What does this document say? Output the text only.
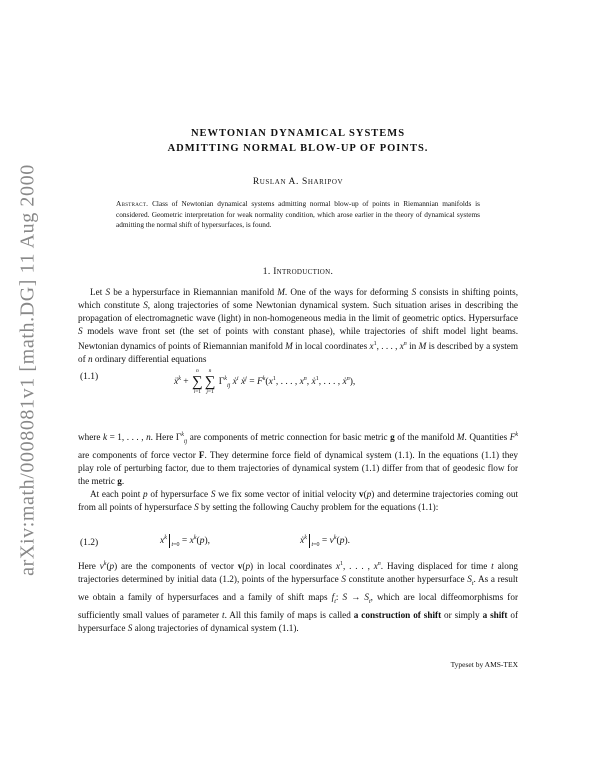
arXiv:math/0008081v1 [math.DG] 11 Aug 2000
NEWTONIAN DYNAMICAL SYSTEMS
ADMITTING NORMAL BLOW-UP OF POINTS.
Ruslan A. Sharipov
Abstract. Class of Newtonian dynamical systems admitting normal blow-up of points in Riemannian manifolds is considered. Geometric interpretation for weak normality condition, which arose earlier in the theory of dynamical systems admitting the normal shift of hypersurfaces, is found.
1. Introduction.
Let S be a hypersurface in Riemannian manifold M. One of the ways for deforming S consists in shifting points, which constitute S, along trajectories of some Newtonian dynamical system. Such situation arises in describing the propagation of electromagnetic wave (light) in non-homogeneous media in the limit of geometric optics. Hypersurface S models wave front set (the set of points with constant phase), while trajectories of shift model light beams. Newtonian dynamics of points of Riemannian manifold M in local coordinates $x^1$, . . . , $x^n$ in M is described by a system of n ordinary differential equations
(1.1)
ẍ$^k$ +
n
∑
i=1
n
∑
j=1
$\Gamma^k_{ij}$ ẋ$^i$ ẋ$^j$ = $F^k(x^1$, . . . , $x^n$, ẋ$^1$, . . . , ẋ$^n$),
where k = 1, . . . , n. Here $\Gamma^k_{ij}$ are components of metric connection for basic metric g of the manifold M. Quantities $F^k$ are components of force vector F. They determine force field of dynamical system (1.1). In the equations (1.1) they play role of perturbing factor, due to them trajectories of dynamical system (1.1) differ from that of geodesic flow for the metric g.
At each point p of hypersurface S we fix some vector of initial velocity v(p) and determine trajectories coming out from all points of hypersurface S by setting the following Cauchy problem for the equations (1.1):
(1.2)	$x^k_{t=0} = x^k(p)$,	ẋ$^k_{t=0}$ = $v^k(p)$.
Here $v^k(p)$ are the components of vector v(p) in local coordinates $x^1$, . . . , $x^n$. Having displaced for time t along trajectories determined by initial data (1.2), points of the hypersurface S constitute another hypersurface $S_t$. As a result we obtain a family of hypersurfaces and a family of shift maps $f_t$: $S \to S_t$, which are local diffeomorphisms for sufficiently small values of parameter t. All this family of maps is called a construction of shift or simply a shift of hypersurface S along trajectories of dynamical system (1.1).
Typeset by AMS-TEX
